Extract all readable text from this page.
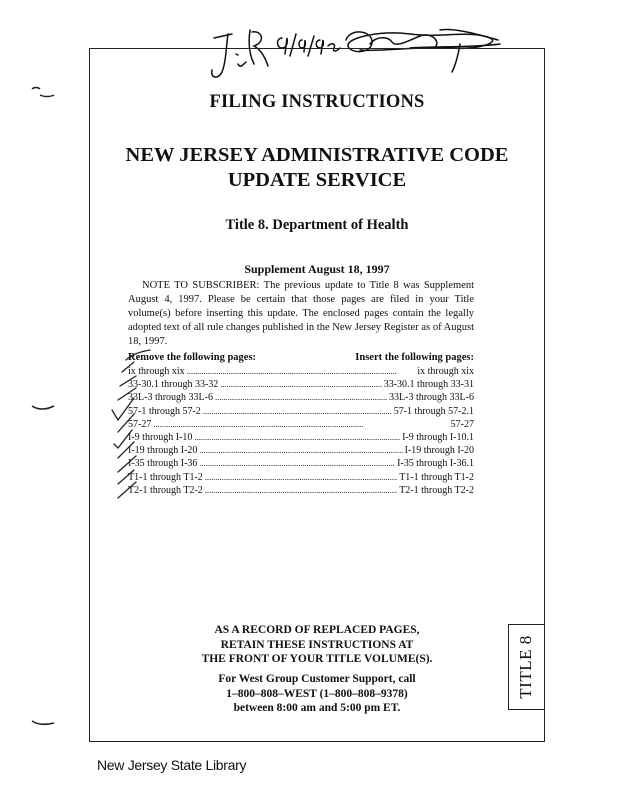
FILING INSTRUCTIONS
NEW JERSEY ADMINISTRATIVE CODE
UPDATE SERVICE
Title 8. Department of Health
Supplement August 18, 1997
NOTE TO SUBSCRIBER: The previous update to Title 8 was Supplement August 4, 1997. Please be certain that those pages are filed in your Title volume(s) before inserting this update. The enclosed pages contain the legally adopted text of all rule changes published in the New Jersey Register as of August 18, 1997.
Remove the following pages:	Insert the following pages:
ix through xix . . .	ix through xix
33-30.1 through 33-32 . . .	33-30.1 through 33-31
33L-3 through 33L-6 . . .	33L-3 through 33L-6
57-1 through 57-2 . . .	57-1 through 57-2.1
57-27 . . .	57-27
I-9 through I-10 . . .	I-9 through I-10.1
I-19 through I-20 . . .	I-19 through I-20
I-35 through I-36 . . .	I-35 through I-36.1
T1-1 through T1-2 . . .	T1-1 through T1-2
T2-1 through T2-2 . . .	T2-1 through T2-2
AS A RECORD OF REPLACED PAGES,
RETAIN THESE INSTRUCTIONS AT
THE FRONT OF YOUR TITLE VOLUME(S).
For West Group Customer Support, call
1–800–808–WEST (1–800–808–9378)
between 8:00 am and 5:00 pm ET.
TITLE 8
New Jersey State Library
